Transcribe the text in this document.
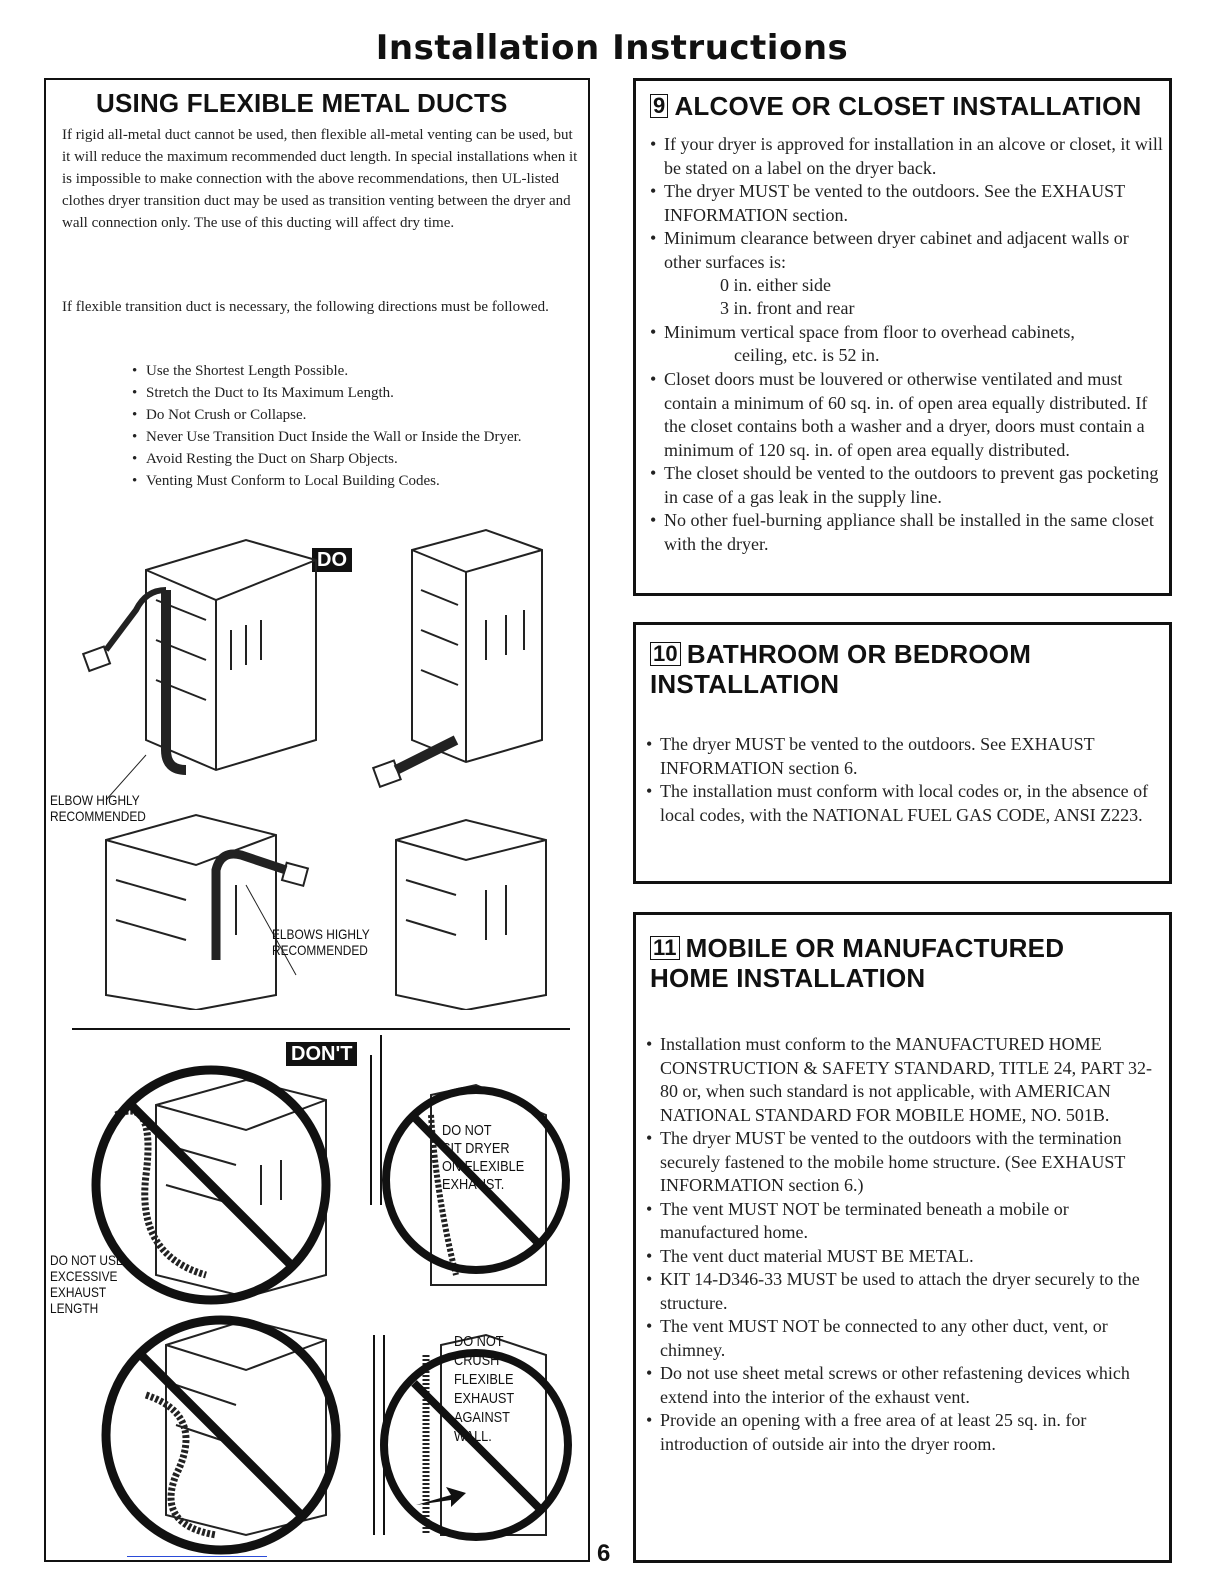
Installation Instructions
USING FLEXIBLE METAL DUCTS
If rigid all-metal duct cannot be used, then flexible all-metal venting can be used, but it will reduce the maximum recommended duct length. In special installations when it is impossible to make connection with the above recommendations, then UL-listed clothes dryer transition duct may be used as transition venting between the dryer and wall connection only. The use of this ducting will affect dry time.
If flexible transition duct is necessary, the following directions must be followed.
• Use the Shortest Length Possible.
• Stretch the Duct to Its Maximum Length.
• Do Not Crush or Collapse.
• Never Use Transition Duct Inside the Wall or Inside the Dryer.
• Avoid Resting the Duct on Sharp Objects.
• Venting Must Conform to Local Building Codes.
DO
ELBOW HIGHLY
RECOMMENDED
ELBOWS HIGHLY
RECOMMENDED
DON'T
DO NOT USE
EXCESSIVE
EXHAUST
LENGTH
DO NOT
SIT DRYER
ON FLEXIBLE
EXHAUST.
DO NOT
CRUSH
FLEXIBLE
EXHAUST
AGAINST
WALL.
9 ALCOVE OR CLOSET INSTALLATION
• If your dryer is approved for installation in an alcove or closet, it will be stated on a label on the dryer back.
• The dryer MUST be vented to the outdoors. See the EXHAUST INFORMATION section.
• Minimum clearance between dryer cabinet and adjacent walls or other surfaces is:
0 in. either side
3 in. front and rear
• Minimum vertical space from floor to overhead cabinets,
ceiling, etc. is 52 in.
• Closet doors must be louvered or otherwise ventilated and must contain a minimum of 60 sq. in. of open area equally distributed. If the closet contains both a washer and a dryer, doors must contain a minimum of 120 sq. in. of open area equally distributed.
• The closet should be vented to the outdoors to prevent gas pocketing in case of a gas leak in the supply line.
• No other fuel-burning appliance shall be installed in the same closet with the dryer.
10 BATHROOM OR BEDROOM
INSTALLATION
• The dryer MUST be vented to the outdoors. See EXHAUST INFORMATION section 6.
• The installation must conform with local codes or, in the absence of local codes, with the NATIONAL FUEL GAS CODE, ANSI Z223.
11 MOBILE OR MANUFACTURED
HOME INSTALLATION
• Installation must conform to the MANUFACTURED HOME CONSTRUCTION & SAFETY STANDARD, TITLE 24, PART 32-80 or, when such standard is not applicable, with AMERICAN NATIONAL STANDARD FOR MOBILE HOME, NO. 501B.
• The dryer MUST be vented to the outdoors with the termination securely fastened to the mobile home structure. (See EXHAUST INFORMATION section 6.)
• The vent MUST NOT be terminated beneath a mobile or manufactured home.
• The vent duct material MUST BE METAL.
• KIT 14-D346-33 MUST be used to attach the dryer securely to the structure.
• The vent MUST NOT be connected to any other duct, vent, or chimney.
• Do not use sheet metal screws or other refastening devices which extend into the interior of the exhaust vent.
• Provide an opening with a free area of at least 25 sq. in. for introduction of outside air into the dryer room.
6
